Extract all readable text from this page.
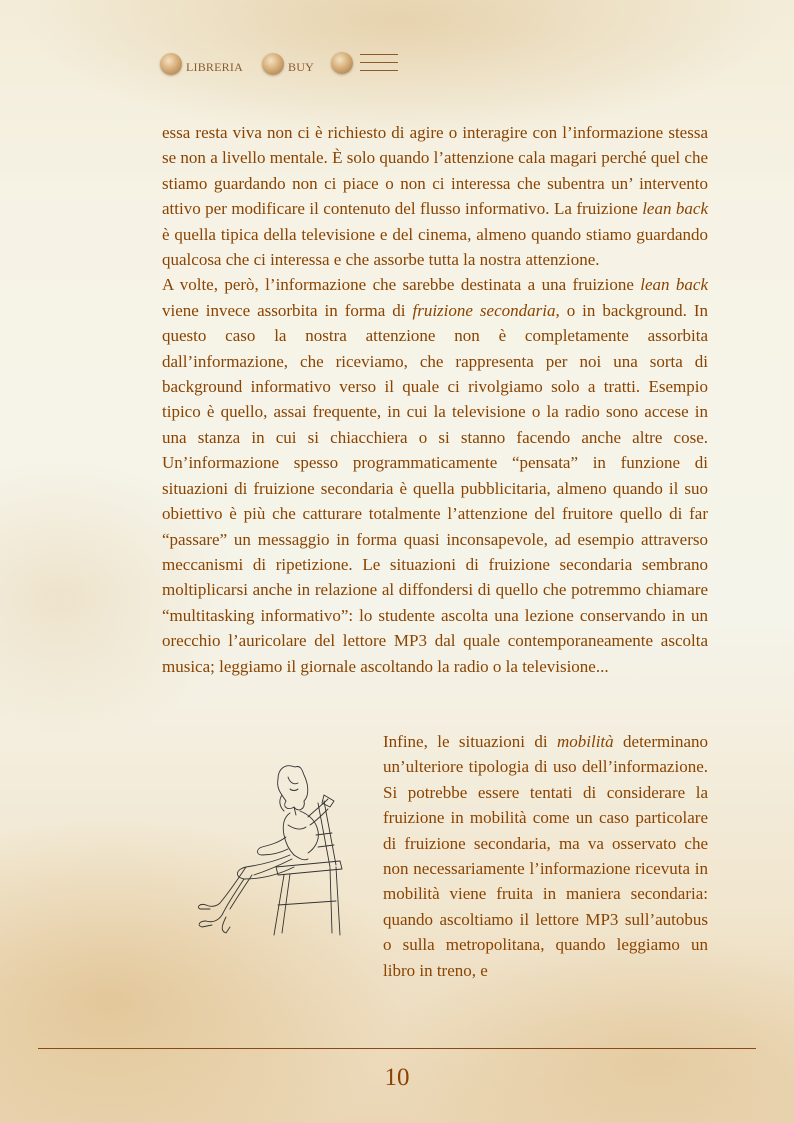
LIBRERIA	BUY

essa resta viva non ci è richiesto di agire o interagire con l’informazione stessa se non a livello mentale. È solo quando l’attenzione cala magari perché quel che stiamo guardando non ci piace o non ci interessa che subentra un’ intervento attivo per modificare il contenuto del flusso informativo. La fruizione lean back è quella tipica della televisione e del cinema, almeno quando stiamo guardando qualcosa che ci interessa e che assorbe tutta la nostra attenzione.

A volte, però, l’informazione che sarebbe destinata a una fruizione lean back viene invece assorbita in forma di fruizione secondaria, o in background. In questo caso la nostra attenzione non è completamente assorbita dall’informazione, che riceviamo, che rappresenta per noi una sorta di background informativo verso il quale ci rivolgiamo solo a tratti. Esempio tipico è quello, assai frequente, in cui la televisione o la radio sono accese in una stanza in cui si chiacchiera o si stanno facendo anche altre cose. Un’informazione spesso programmaticamente “pensata” in funzione di situazioni di fruizione secondaria è quella pubblicitaria, almeno quando il suo obiettivo è più che catturare totalmente l’attenzione del fruitore quello di far “passare” un messaggio in forma quasi inconsapevole, ad esempio attraverso meccanismi di ripetizione. Le situazioni di fruizione secondaria sembrano moltiplicarsi anche in relazione al diffondersi di quello che potremmo chiamare “multitasking informativo”: lo studente ascolta una lezione conservando in un orecchio l’auricolare del lettore MP3 dal quale contemporaneamente ascolta musica; leggiamo il giornale ascoltando la radio o la televisione...

Infine, le situazioni di mobilità determinano un’ulteriore tipologia di uso dell’informazione. Si potrebbe essere tentati di considerare la fruizione in mobilità come un caso particolare di fruizione secondaria, ma va osservato che non necessariamente l’informazione ricevuta in mobilità viene fruita in maniera secondaria: quando ascoltiamo il lettore MP3 sull’autobus o sulla metropolitana, quando leggiamo un libro in treno, e

10
